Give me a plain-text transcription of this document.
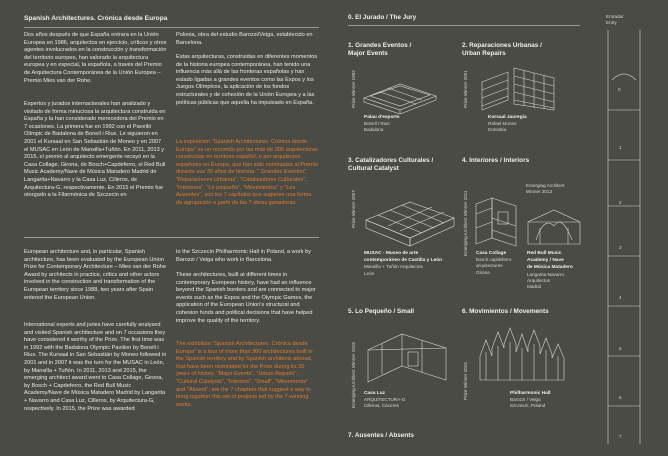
Spanish Architectures. Crónica desde Europa
Dos años después de que España entrara en la Unión Europea en 1986, arquitectos en ejercicio, críticos y otros agentes involucrados en la construcción y transformación del territorio europeo, han valorado la arquitectura europea y en especial, la española, a través del Premio de Arquitectura Contemporánea de la Unión Europea – Premio Mies van der Rohe.
Expertos y jurados internacionales han analizado y visitado de forma minuciosa la arquitectura construida en España y la han considerado merecedora del Premio en 7 ocasiones. La primera fue en 1992 con el Pavelló Olímpic de Badalona de Bonell i Rius. Le siguieron en 2001 el Kursaal en San Sebastián de Moneo y en 2007 el MUSAC en León de Mansilla+Tuñón. En 2011, 2013 y 2015, el premio al arquitecto emergente recayó en la Casa Collage, Girona, de Bosch+Capdeferro, el Red Bull Music Academy/Nave de Música Matadero Madrid de Langarita+Navarro y la Casa Luz, Cilleros, de Arquitectura-G, respectivamente. En 2015 el Premio fue otorgado a la Filarmónica de Szczecin en
Polonia, obra del estudio Barozzi/Veiga, establecido en Barcelona.
Estas arquitecturas, construidas en diferentes momentos de la historia europea contemporánea, han tenido una influencia más allá de las fronteras españolas y han estado ligadas a grandes eventos como las Expos y los Juegos Olímpicos, la aplicación de los fondos estructurales y de cohesión de la Unión Europea y a las políticas públicas que aquella ha impulsado en España.
La exposición "Spanish Architectures. Crónica desde Europa" es un recorrido por las más de 300 arquitecturas construidas en territorio español, o por arquitectos españoles en Europa, que han sido nominadas al Premio durante sus 30 años de historia. " Grandes Eventos", "Reparaciones Urbanas", "Catalizadores Culturales", "Interiores", "Lo pequeño", "Movimientos" y "Los Ausentes", son los 7 capítulos que sugieren una forma de agrupación a partir de las 7 obras ganadoras.
European architecture and, in particular, Spanish architecture, has been evaluated by the European Union Prize for Contemporary Architecture – Mies van der Rohe Award by architects in practice, critics and other actors involved in the construction and transformation of the European territory since 1988, two years after Spain entered the European Union.
International experts and juries have carefully analysed and visited Spanish architecture and on 7 occasions they have considered it worthy of the Prize. The first time was in 1992 with the Badalona Olympic Pavilion by Bonell i Rius. The Kursaal in San Sebastián by Moneo followed in 2001 and in 2007 it was the turn for the MUSAC in León, by Mansilla + Tuñón. In 2011, 2013 and 2015, the emerging architect award went to Casa Collage, Girona, by Bosch + Capdeferro, the Red Bull Music Academy/Nave de Música Matadero Madrid by Langarita + Navarro and Casa Luz, Cilleros, by Arquitectura-G, respectively. In 2015, the Prize was awarded
to the Szczecin Philharmonic Hall in Poland, a work by Barozzi / Veiga who work in Barcelona.
These architectures, built at different times in contemporary European history, have had an influence beyond the Spanish borders and are connected to major events such as the Expos and the Olympic Games, the application of the European Union's structural and cohesion funds and political decisions that have helped improve the quality of the territory.
The exhibition "Spanish Architectures. Crónica desde Europa" is a tour of more than 300 architectures built in the Spanish territory and by Spanish architects abroad, that have been nominated for the Prize during its 30 years of history. "Major Events", "Urban Repairs", "Cultural Catalysts", "Interiors", "Small", "Movements" and "Absent", are the 7 chapters that suggest a way to bring together this set of projects led by the 7-winning works.
0. El Jurado / The Jury
1. Grandes Eventos /
Major Events
Prize Winner 1992
Palau d'esports
Bonell i Rius
Badalona
2. Reparaciones Urbanas /
Urban Repairs
Prize Winner 2001
Kursaal Jauregia
Rafael Moneo
Donostia
3. Catalizadores Culturales /
Cultural Catalyst
Prize Winner 2007
MUSAC - Museo de arte
contemporáneo de Castilla y León
Mansilla + Tuñón Arquitectos
León
4. Interiores / Interiors
Emerging Architect Winner 2011
Emerging Architect
Winner 2013
Casa Collage
bosch.capdeferro
arquitectures
Girona
Red Bull Music
Academy / Nave
de Música Matadero
Langarita-Navarro
Arquitectos
Madrid
5. Lo Pequeño / Small
Emerging Architect Winner 2015 Casa Luz
ARQUITECTURA-G
Cilleros, Cáceres
6. Movimientos / Movements
Prize Winner 2015	Philharmonic Hall
Barozzi / Veiga
Szczecin, Poland
7. Ausentes / Absents
Entrada/
Entry
0
1
2
3
4
5
6
7
